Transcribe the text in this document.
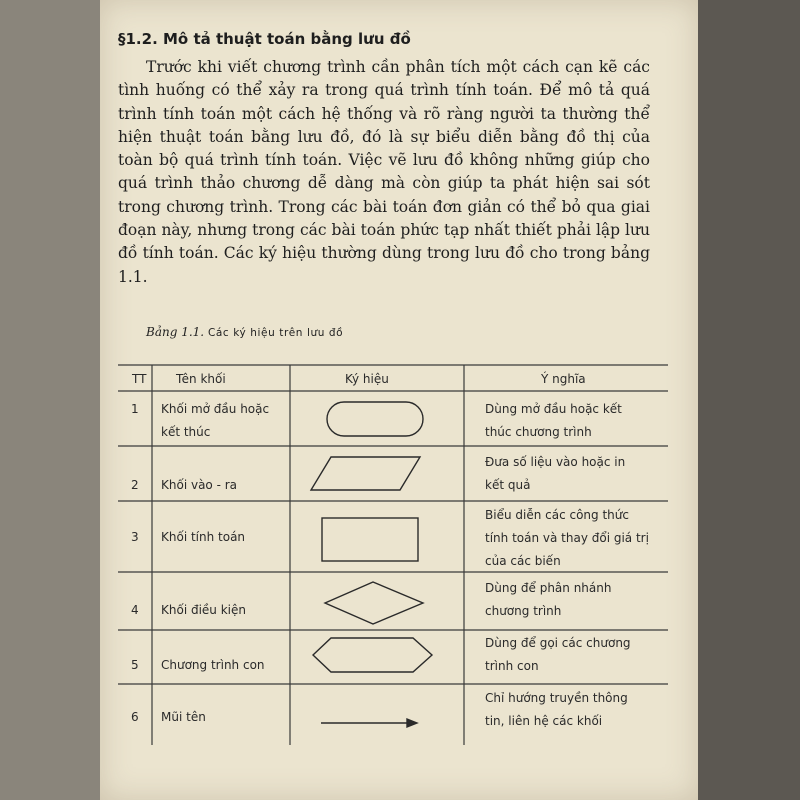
§1.2. Mô tả thuật toán bằng lưu đồ

Trước khi viết chương trình cần phân tích một cách cạn kẽ các tình huống có thể xảy ra trong quá trình tính toán. Để mô tả quá trình tính toán một cách hệ thống và rõ ràng người ta thường thể hiện thuật toán bằng lưu đồ, đó là sự biểu diễn bằng đồ thị của toàn bộ quá trình tính toán. Việc vẽ lưu đồ không những giúp cho quá trình thảo chương dễ dàng mà còn giúp ta phát hiện sai sót trong chương trình. Trong các bài toán đơn giản có thể bỏ qua giai đoạn này, nhưng trong các bài toán phức tạp nhất thiết phải lập lưu đồ tính toán. Các ký hiệu thường dùng trong lưu đồ cho trong bảng 1.1.

Bảng 1.1. Các ký hiệu trên lưu đồ
TT Tên khối	Ký hiệu	Ý nghĩa
1 Khối mở đầu hoặc kết thúc
Dùng mở đầu hoặc kết thúc chương trình
2 Khối vào - ra
Đưa số liệu vào hoặc in kết quả
3 Khối tính toán
Biểu diễn các công thức tính toán và thay đổi giá trị của các biến
4 Khối điều kiện
Dùng để phân nhánh chương trình
5 Chương trình con
Dùng để gọi các chương trình con
6 Mũi tên
Chỉ hướng truyền thông tin, liên hệ các khối
